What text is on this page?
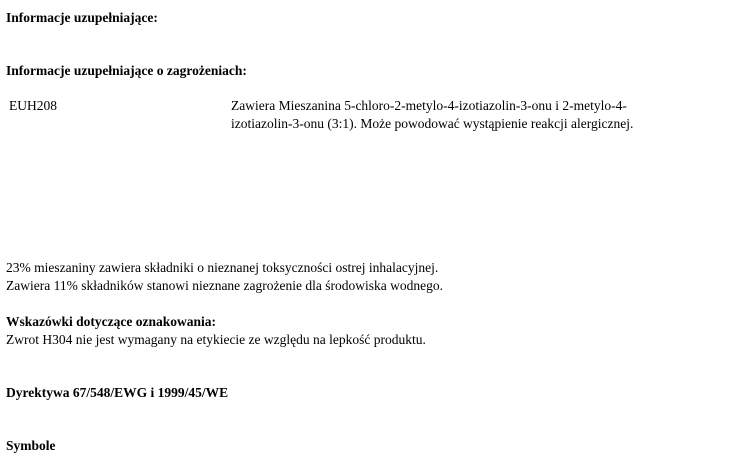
Informacje uzupełniające:
Informacje uzupełniające o zagrożeniach:
EUH208	Zawiera Mieszanina 5-chloro-2-metylo-4-izotiazolin-3-onu i 2-metylo-4-
izotiazolin-3-onu (3:1). Może powodować wystąpienie reakcji alergicznej.
23% mieszaniny zawiera składniki o nieznanej toksyczności ostrej inhalacyjnej.
Zawiera 11% składników stanowi nieznane zagrożenie dla środowiska wodnego.
Wskazówki dotyczące oznakowania:
Zwrot H304 nie jest wymagany na etykiecie ze względu na lepkość produktu.
Dyrektywa 67/548/EWG i 1999/45/WE
Symbole
